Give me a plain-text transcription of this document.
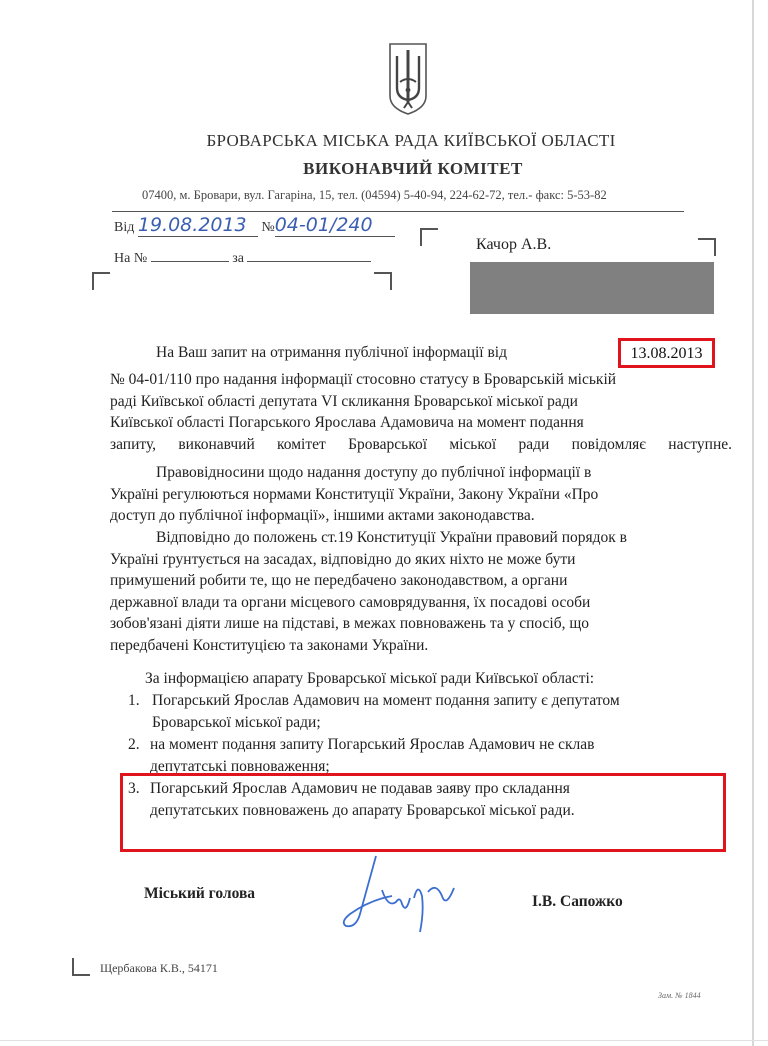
БРОВАРСЬКА МІСЬКА РАДА КИЇВСЬКОЇ ОБЛАСТІ
ВИКОНАВЧИЙ КОМІТЕТ
07400, м. Бровари, вул. Гагаріна, 15, тел. (04594) 5-40-94, 224-62-72, тел.- факс: 5-53-82
Від 19.08.2013 №04-01/240
На №	за
Качор А.В.
На Ваш запит на отримання публічної інформації від	13.08.2013
№ 04-01/110 про надання інформації стосовно статусу в Броварській міській
раді Київської області депутата VI скликання Броварської міської ради
Київської області Погарського Ярослава Адамовича на момент подання
запиту, виконавчий комітет Броварської міської ради повідомляє наступне.
Правовідносини щодо надання доступу до публічної інформації в
Україні регулюються нормами Конституції України, Закону України «Про
доступ до публічної інформації», іншими актами законодавства.
Відповідно до положень ст.19 Конституції України правовий порядок в
Україні ґрунтується на засадах, відповідно до яких ніхто не може бути
примушений робити те, що не передбачено законодавством, а органи
державної влади та органи місцевого самоврядування, їх посадові особи
зобов'язані діяти лише на підставі, в межах повноважень та у спосіб, що
передбачені Конституцією та законами України.
За інформацією апарату Броварської міської ради Київської області:
1. Погарський Ярослав Адамович на момент подання запиту є депутатом
Броварської міської ради;
2. на момент подання запиту Погарський Ярослав Адамович не склав
депутатські повноваження;
3. Погарський Ярослав Адамович не подавав заяву про складання
депутатських повноважень до апарату Броварської міської ради.
Міський голова	І.В. Сапожко
Щербакова К.В., 54171
Зам. № 1844
